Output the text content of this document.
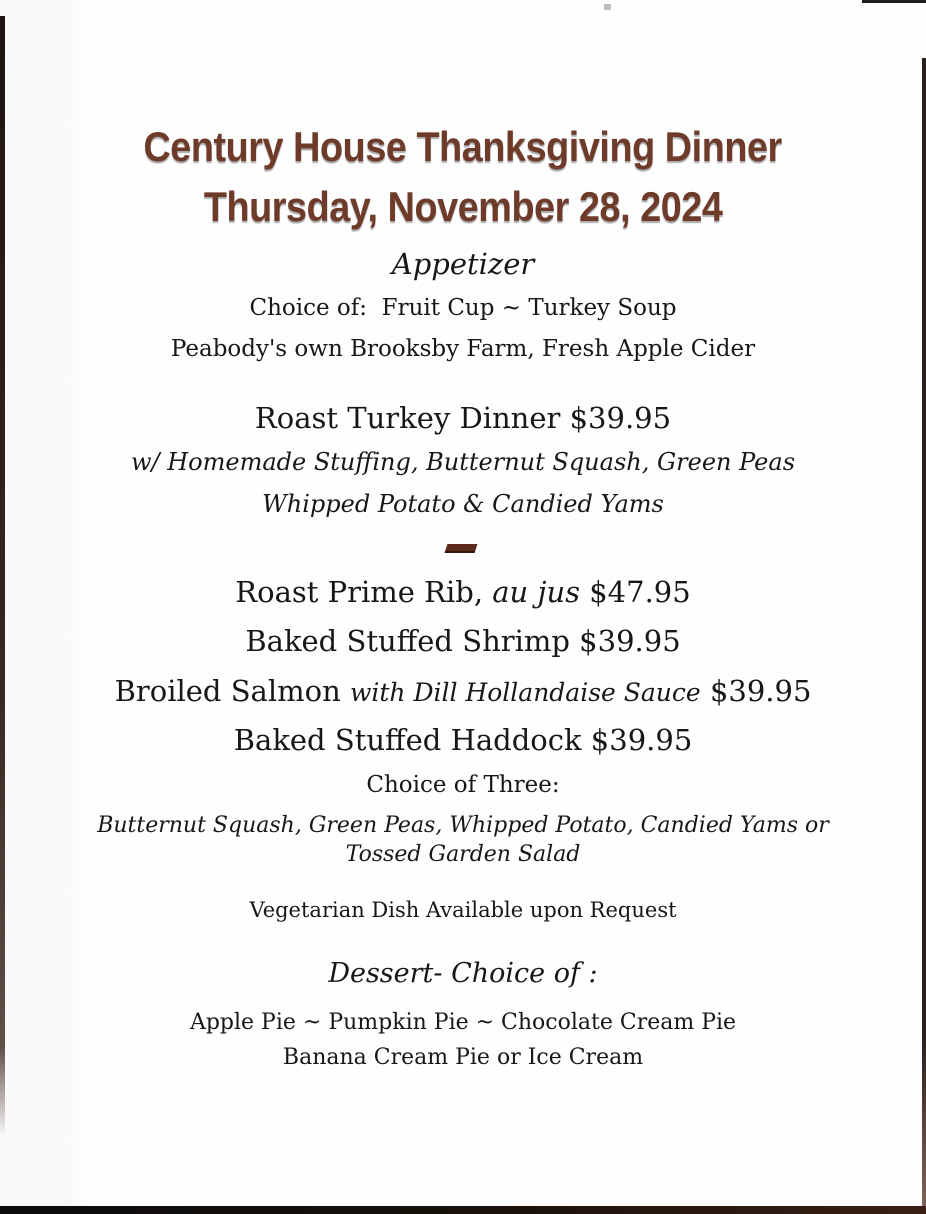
Century House Thanksgiving Dinner
Thursday, November 28, 2024
Appetizer
Choice of:  Fruit Cup ~ Turkey Soup
Peabody's own Brooksby Farm, Fresh Apple Cider
Roast Turkey Dinner $39.95
w/ Homemade Stuffing, Butternut Squash, Green Peas
Whipped Potato & Candied Yams
Roast Prime Rib, au jus $47.95
Baked Stuffed Shrimp $39.95
Broiled Salmon with Dill Hollandaise Sauce $39.95
Baked Stuffed Haddock $39.95
Choice of Three:
Butternut Squash, Green Peas, Whipped Potato, Candied Yams or
Tossed Garden Salad
Vegetarian Dish Available upon Request
Dessert- Choice of :
Apple Pie ~ Pumpkin Pie ~ Chocolate Cream Pie
Banana Cream Pie or Ice Cream
